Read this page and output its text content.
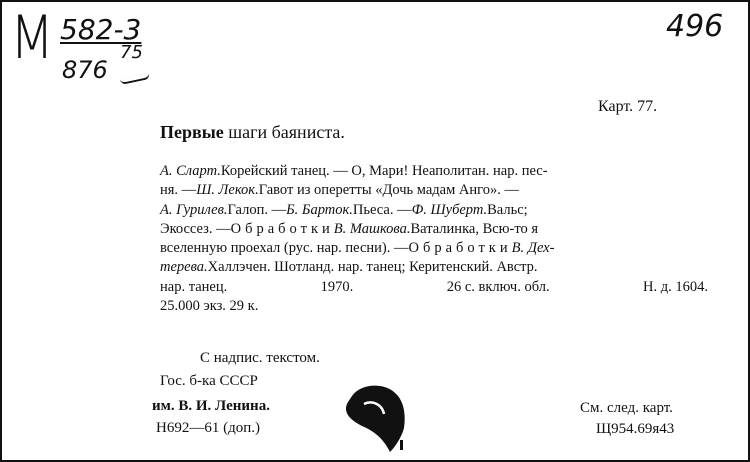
M 582-3
876
75
496
Карт. 77.
Первые шаги баяниста.
А. Сларт. Корейский танец. — О, Мари! Неаполитан. нар. пес-
ня. — Ш. Лекок. Гавот из оперетты «Дочь мадам Анго». —
А. Гурилев. Галоп. — Б. Барток. Пьеса. — Ф. Шуберт. Вальс;
Экоссез. — Обработки В. Машкова. Ваталинка, Всю-то я
вселенную проехал (рус. нар. песни). — Обработки В. Дех-
терева. Халлэчен. Шотланд. нар. танец; Керитенский. Австр.
нар. танец.	1970.	26 с. включ. обл.	Н. д. 1604.
25.000 экз. 29 к.
С надпис. текстом.
Гос. б-ка СССР
им. В. И. Ленина.
Н692—61 (доп.)
См. след. карт.
Щ954.69я43
